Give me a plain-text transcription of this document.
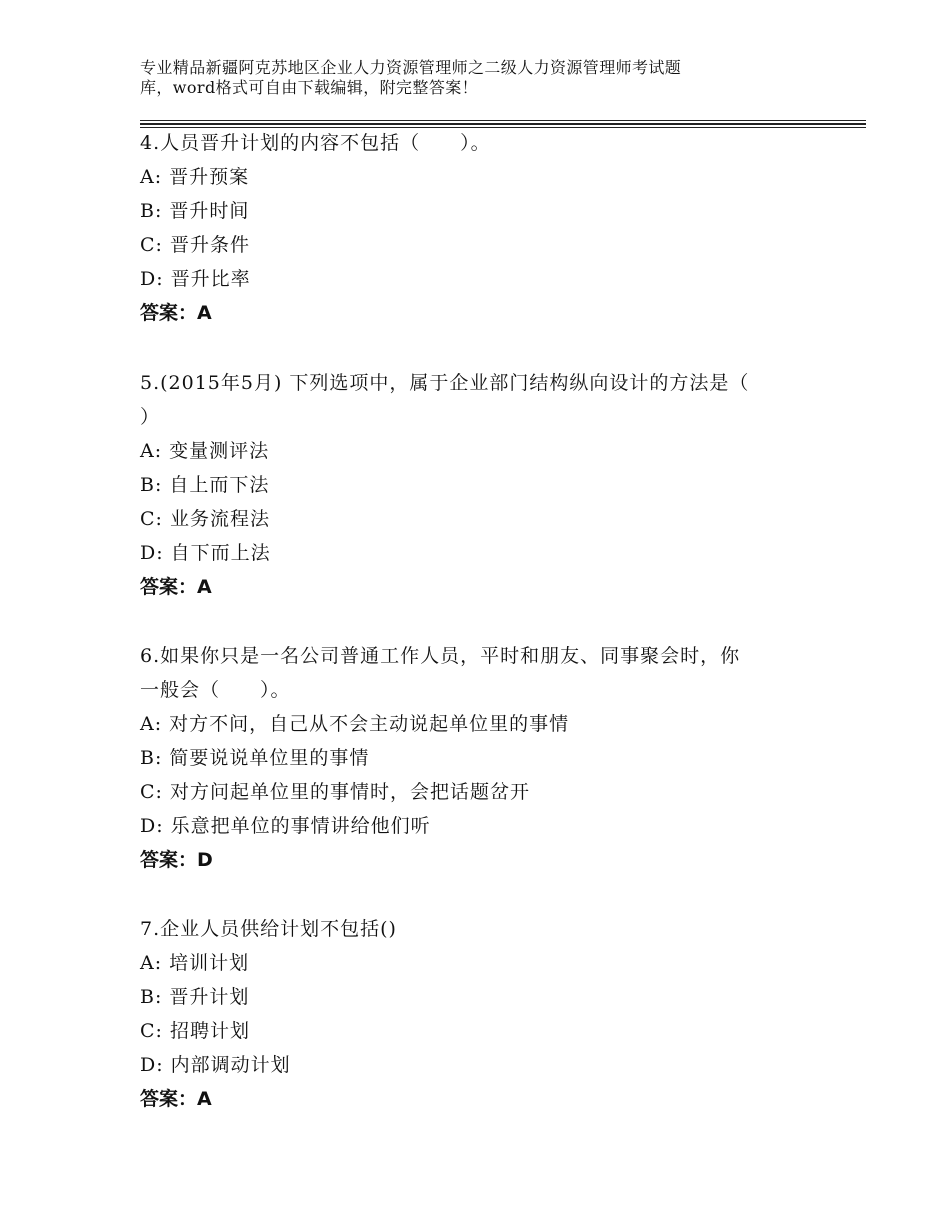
专业精品新疆阿克苏地区企业人力资源管理师之二级人力资源管理师考试题
库，word格式可自由下载编辑，附完整答案！
4.人员晋升计划的内容不包括（　　）。
A: 晋升预案
B: 晋升时间
C: 晋升条件
D: 晋升比率
答案：A
5.(2015年5月) 下列选项中，属于企业部门结构纵向设计的方法是（
）
A: 变量测评法
B: 自上而下法
C: 业务流程法
D: 自下而上法
答案：A
6.如果你只是一名公司普通工作人员，平时和朋友、同事聚会时，你
一般会（　　）。
A: 对方不问，自己从不会主动说起单位里的事情
B: 简要说说单位里的事情
C: 对方问起单位里的事情时，会把话题岔开
D: 乐意把单位的事情讲给他们听
答案：D
7.企业人员供给计划不包括()
A: 培训计划
B: 晋升计划
C: 招聘计划
D: 内部调动计划
答案：A
